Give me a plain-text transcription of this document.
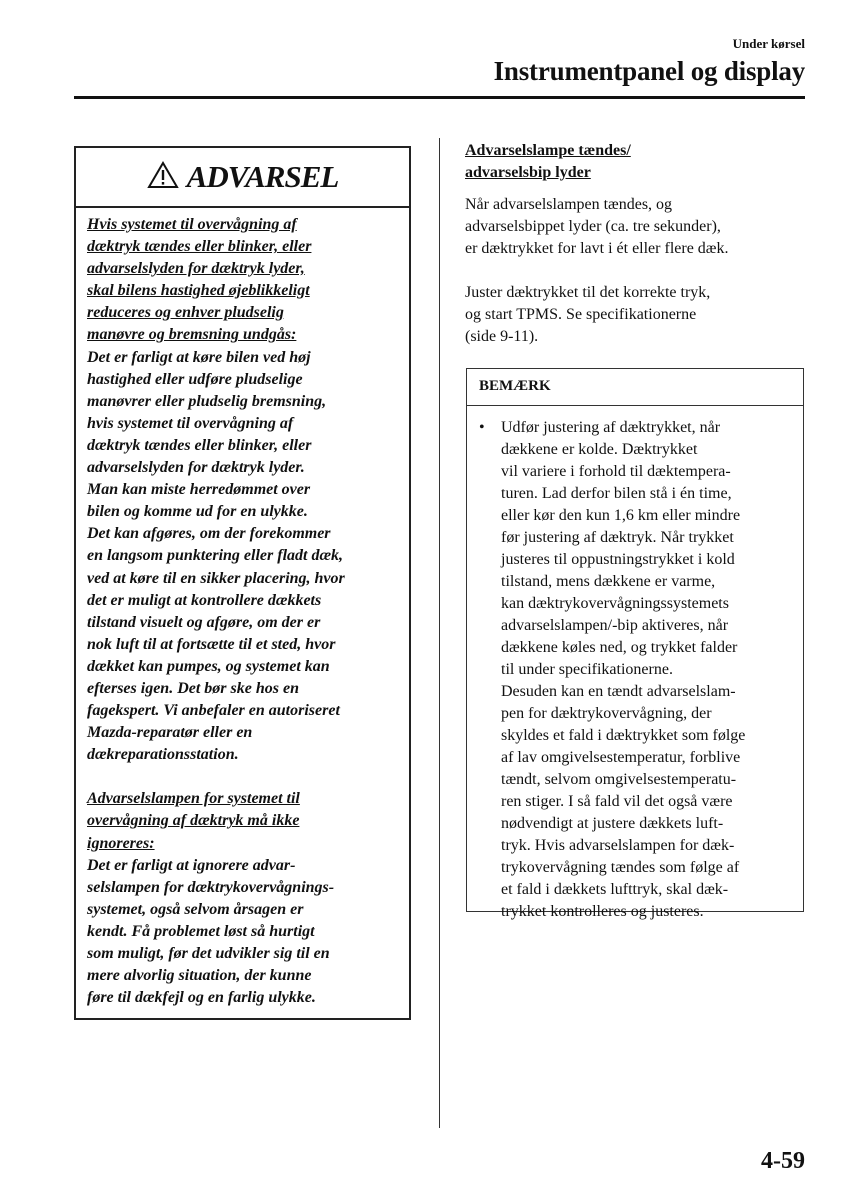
Under kørsel
Instrumentpanel og display
ADVARSEL
Hvis systemet til overvågning af
dæktryk tændes eller blinker, eller
advarselslyden for dæktryk lyder,
skal bilens hastighed øjeblikkeligt
reduceres og enhver pludselig
manøvre og bremsning undgås:
Det er farligt at køre bilen ved høj
hastighed eller udføre pludselige
manøvrer eller pludselig bremsning,
hvis systemet til overvågning af
dæktryk tændes eller blinker, eller
advarselslyden for dæktryk lyder.
Man kan miste herredømmet over
bilen og komme ud for en ulykke.
Det kan afgøres, om der forekommer
en langsom punktering eller fladt dæk,
ved at køre til en sikker placering, hvor
det er muligt at kontrollere dækkets
tilstand visuelt og afgøre, om der er
nok luft til at fortsætte til et sted, hvor
dækket kan pumpes, og systemet kan
efterses igen. Det bør ske hos en
fagekspert. Vi anbefaler en autoriseret
Mazda-reparatør eller en
dækreparationsstation.
Advarselslampen for systemet til
overvågning af dæktryk må ikke
ignoreres:
Det er farligt at ignorere advar-
selslampen for dæktrykovervågnings-
systemet, også selvom årsagen er
kendt. Få problemet løst så hurtigt
som muligt, før det udvikler sig til en
mere alvorlig situation, der kunne
føre til dækfejl og en farlig ulykke.
Advarselslampe tændes/
advarselsbip lyder
Når advarselslampen tændes, og
advarselsbippet lyder (ca. tre sekunder),
er dæktrykket for lavt i ét eller flere dæk.
Juster dæktrykket til det korrekte tryk,
og start TPMS. Se specifikationerne
(side 9-11).
BEMÆRK
•	Udfør justering af dæktrykket, når
dækkene er kolde. Dæktrykket
vil variere i forhold til dæktempera-
turen. Lad derfor bilen stå i én time,
eller kør den kun 1,6 km eller mindre
før justering af dæktryk. Når trykket
justeres til oppustningstrykket i kold
tilstand, mens dækkene er varme,
kan dæktrykovervågningssystemets
advarselslampen/-bip aktiveres, når
dækkene køles ned, og trykket falder
til under specifikationerne.
Desuden kan en tændt advarselslam-
pen for dæktrykovervågning, der
skyldes et fald i dæktrykket som følge
af lav omgivelsestemperatur, forblive
tændt, selvom omgivelsestemperatu-
ren stiger. I så fald vil det også være
nødvendigt at justere dækkets luft-
tryk. Hvis advarselslampen for dæk-
trykovervågning tændes som følge af
et fald i dækkets lufttryk, skal dæk-
trykket kontrolleres og justeres.
4-59
